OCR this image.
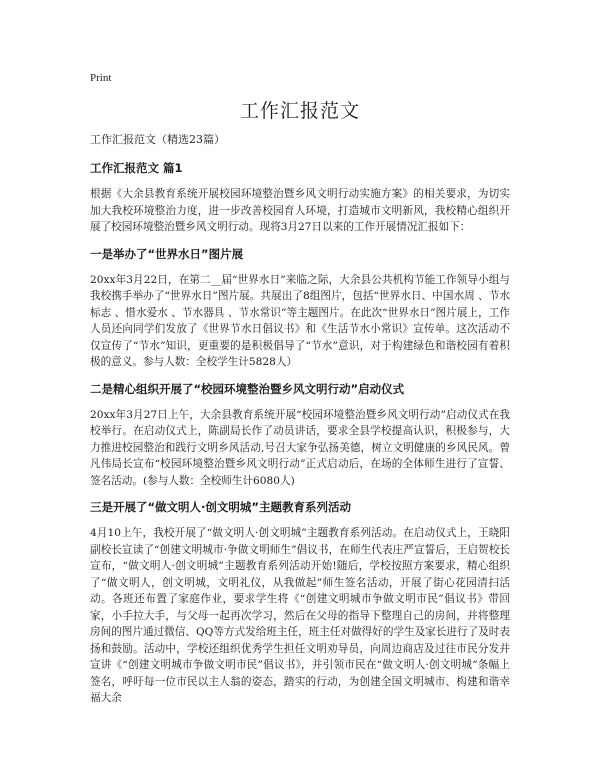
Print
工作汇报范文

工作汇报范文（精选23篇）

工作汇报范文 篇1

根据《大余县教育系统开展校园环境整治暨乡风文明行动实施方案》的相关要求，为切实加大我校环境整治力度，进一步改善校园育人环境，打造城市文明新风，我校精心组织开展了校园环境整治暨乡风文明行动。现将3月27日以来的工作开展情况汇报如下：

一是举办了“世界水日”图片展

20xx年3月22日，在第二__届“世界水日”来临之际，大余县公共机构节能工作领导小组与我校携手举办了“世界水日”图片展。共展出了8组图片，包括“世界水日、中国水周 、节水标志 、惜水爱水 、节水器具 、节水常识”等主题图片。在此次“世界水日”图片展上，工作人员还向同学们发放了《世界节水日倡议书》和《生活节水小常识》宣传单。这次活动不仅宣传了“节水”知识，更重要的是积极倡导了“节水”意识，对于构建绿色和谐校园有着积极的意义。参与人数：全校学生计5828人）

二是精心组织开展了“校园环境整治暨乡风文明行动”启动仪式

20xx年3月27日上午，大余县教育系统开展“校园环境整治暨乡风文明行动”启动仪式在我校举行。在启动仪式上，陈副局长作了动员讲话，要求全县学校提高认识，积极参与，大力推进校园整治和践行文明乡风活动,号召大家争弘扬美德，树立文明健康的乡风民风。曾凡伟局长宣布“校园环境整治暨乡风文明行动”正式启动后，在场的全体师生进行了宣誓、签名活动。(参与人数：全校师生计6080人)

三是开展了“做文明人·创文明城”主题教育系列活动

4月10上午，我校开展了“做文明人·创文明城”主题教育系列活动。在启动仪式上，王晓阳副校长宣读了“创建文明城市·争做文明师生”倡议书，在师生代表庄严宣誓后，王启贺校长宣布，“做文明人·创文明城”主题教育系列活动开始!随后，学校按照方案要求，精心组织了“做文明人，创文明城，文明礼仪，从我做起”师生签名活动，开展了街心花园清扫活动。各班还布置了家庭作业，要求学生将《“创建文明城市争做文明市民”倡议书》带回家，小手拉大手，与父母一起再次学习，然后在父母的指导下整理自己的房间，并将整理房间的图片通过微信、QQ等方式发给班主任，班主任对做得好的学生及家长进行了及时表扬和鼓励。活动中，学校还组织优秀学生担任文明劝导员，向周边商店及过往市民分发并宣讲《“创建文明城市争做文明市民”倡议书》，并引领市民在“做文明人·创文明城”条幅上签名，呼吁每一位市民以主人翁的姿态，踏实的行动，为创建全国文明城市、构建和谐幸福大余
